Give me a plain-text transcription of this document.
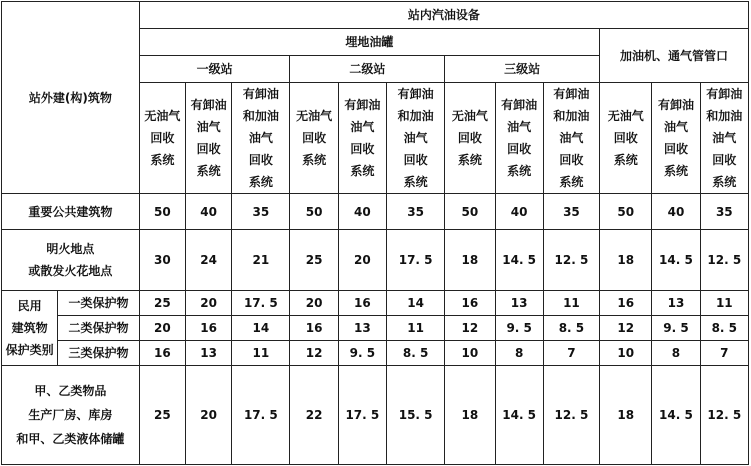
站外建(构)筑物		站内汽油设备											
		埋地油罐									加油机、通气管管口		
		一级站			二级站			三级站					

		无油气
回收
系统	有卸油
油气
回收
系统	有卸油
和加油
油气
回收
系统	无油气
回收
系统	有卸油
油气
回收
系统	有卸油
和加油
油气
回收
系统	无油气
回收
系统	有卸油
油气
回收
系统	有卸油
和加油
油气
回收
系统	无油气
回收
系统	有卸油
油气
回收
系统	有卸油
和加油
油气
回收
系统

重要公共建筑物		50	40	35	50	40	35	50	40	35	50	40	35

明火地点
或散发火花地点		30	24	21	25	20	17. 5	18	14. 5	12. 5	18	14. 5	12. 5

民用
建筑物
保护类别	一类保护物	25	20	17. 5	20	16	14	16	13	11	16	13	11
	二类保护物	20	16	14	16	13	11	12	9. 5	8. 5	12	9. 5	8. 5
	三类保护物	16	13	11	12	9. 5	8. 5	10	8	7	10	8	7

甲、乙类物品
生产厂房、库房
和甲、乙类液体储罐		25	20	17. 5	22	17. 5	15. 5	18	14. 5	12. 5	18	14. 5	12. 5
